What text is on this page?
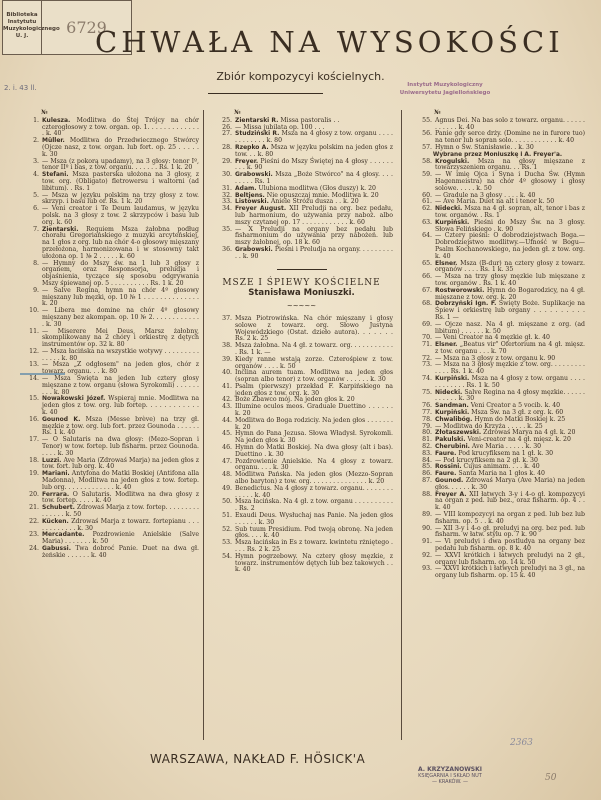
Biblioteka Instytutu Muzykologicznego U. J.	6729
2. i. 43 ll.
CHWAŁA NA WYSOKOŚCI
Zbiór kompozycyi kościelnych.
Instytut Muzykologiczny
Uniwersytetu Jagiellońskiego
№
1. Kulesza. Modlitwa do Śtej Trójcy na chór czterogłosowy z tow. organ. op. 1. . . . . . . . . . . . . . k. 40
2. Müller. Modlitwa do Przedwiecznego Stwórcy (Ojcze nasz, z tow. organ. lub fort. op. 25 . . . . . k. 30
3. — Msza (z pokorą upadamy), na 3 głosy: tenor Iº, tenor IIº i bas, z tow. organu. . . . . . . Rs. 1 k. 20
4. Stefani. Msza pasterska ułożona na 3 głosy, z tow. org. (Obligato) fletrowersu i waltorni (ad libitum). . Rs. 1
5. — Msza w języku polskim na trzy głosy z tow. skrzyp. i basu lub or. Rs. 1 k. 20
6. — Veni creator i Te Deum laudamus, w języku polsk. na 3 głosy z tow. 2 skrzypców i basu lub org. k. 60
7. Zientarski. Requiem Msza żałobna podług chorału Gregoriańskiego z muzyki arcyteńskiej, na 1 głos z org. lub na chór 4-o głosowy mięszany przełożona, harmonizowana i w stosowny takt ułożona op. 1 № 2 . . . . . k. 60
8. — Hymny do Mszy św. na 1 lub 3 głosy z organem, oraz Responsorja, preludja i objaśnienia, tyczące się sposobu odgrywania Mszy śpiewanej op. 5 . . . . . . . . . . Rs. 1 k. 20
9. — Salve Regina, hymn na chór 4º głosowy mięszany lub męzki, op. 10 № 1 . . . . . . . . . . . . . . k. 20
10. — Libera me domine na chór 4º głosowy mięszany bez akompan. op. 10 № 2. . . . . . . . . . . . . k. 30
11. — Miserere Mei Deus, Marsz żałobny, skomplikowany na 2 chóry i orkiestrę z dętych instrumentów op. 32 k. 80
12. — Msza łacińska na wszystkie wotywy . . . . . . . . . . . . . . k. 80
13. — Msza „Z odgłosem" na jeden głos, chór z towarz. organu. . . k. 80
14. — Msza Święta na jeden lub cztery głosy mięszane z tow. organu (słowa Syrokomli) . . . . . . . . . k. 80
15. Nowakowski Józef. Wspieraj mnie. Modlitwa na jeden głos z tow. org. lub fortep. . . . . . . . . . . . k. 40
16. Gounod K. Msza (Messe brève) na trzy gł. męzkie z tow. org. lub fort. przez Gounoda . . . . . . Rs. 1 k. 40
17. — O Salutaris na dwa głosy: (Mezo-Sopran i Tenor) w tow. fortep. lub fisharm. przez Gounoda. . . . . k. 30
18. Luzzi. Ave Maria (Zdrowaś Marja) na jeden głos z tow. fort. lub org. k. 40
19. Mariani. Antyfona do Matki Boskiej (Antifona alla Madonna), Modlitwa na jeden głos z tow. fortep. lub org. . . . . . . . . . . . . k. 40
20. Ferrara. O Salutaris. Modlitwa na dwa głosy z tow. fortep. . . . . k. 40
21. Schubert. Zdrowaś Marja z tow. fortep. . . . . . . . . . . . . . . k. 50
22. Kücken. Zdrowaś Marja z towarz. fortepianu . . . . . . . . . . . . k. 30
23. Mercadante. Pozdrowienie Anielskie (Salve Maria) . . . . . . . k. 50
24. Gabussi. Twa dobroć Panie. Duet na dwa gł. żeńskie . . . . . . k. 40
№
25. Zientarski R. Missa pastoralis . .
26. — Missa jubilata op. 100 . . .
27. Studziński R. Msza na 4 głosy z tow. organu . . . . . . . . . . . . k. 80
28. Rzepko A. Msza w języku polskim na jeden głos z tow. . . k. 80
29. Freyer. Pieśni do Mszy Świętej na 4 głosy . . . . . . . . . k. 90
30. Grabowski. Msza „Boże Stwórco" na 4 głosy. . . . . . . . . Rs. 1
31. Adam. Ulubiona modlitwa (Głos duszy) k. 20
32. Beltjens. Nie opuszczaj mnie. Modlitwa k. 20
33. Listowski. Aniele Stróżu dusza . . k. 20
34. Freyer August. XII Preludji na org. bez pedału, lub harmonium, do używania przy naboż. albo mszy czytanej op. 17 . . . . . . . . . . . . k. 60
35. — X Preludji na organy bez pedału lub fisharmonium do używania przy nabożeń. lub mszy żałobnej, op. 18 k. 60
36. Grabowski. Pieśni i Preludja na organy. . . . . . . . . . . k. 90
MSZE I ŚPIEWY KOŚCIELNE
Stanisława Moniuszki.
~~~~~
37. Msza Piotrowińska. Na chór mięszany i głosy solowe z towarz. org. Słowo Justyna Wojewódzkiego (Ostat. dzieło autora). . . . . . . Rs. 2 k. 25
38. Msza żałobna. Na 4 gł. z towarz. org. . . . . . . . . . . . Rs. 1 k. —
39. Kiedy ranne wstają zorze. Czterośpiew z tow. organów . . . . k. 50
40. Inclina aurem tuam. Modlitwa na jeden głos (sopran albo tenor) z tow. organów . . . . . . k. 30
41. Psalm (pierwszy) przekład F. Karpińskiego na jeden głos z tow. org. k. 30
42. Boże Zbawco mój. Na jeden głos k. 20
43. Illumine oculos meos. Graduale Duettino . . . . . . k. 20
44. Modlitwa do Boga rodziciy. Na jeden głos . . . . . . . k. 20
45. Hymn do Pana Jezusa. Słowa Władysł. Syrokomli. Na jeden głos k. 30
46. Hymn do Matki Boskiej. Na dwa głosy (alt i bas). Duettino . k. 30
47. Pozdrowienie Anielskie. Na 4 głosy z towarz. organu. . . . k. 30
48. Modlitwa Pańska. Na jeden głos (Mezzo-Sopran albo baryton) z tow. org. . . . . . . . . . . . . . . k. 20
49. Benedictus. Na 4 głosy z towarz. organu. . . . . . . . . . . . . k. 40
50. Msza łacińska. Na 4 gł. z tow. organu . . . . . . . . . . . Rs. 2
51. Exaudi Deus. Wysłuchaj nas Panie. Na jeden głos . . . . . . k. 30
52. Sub tuum Presidium. Pod twoją obronę. Na jeden głos. . . . k. 40
53. Msza łacińska in Es z towarz. kwintetu rżniętego . . . . Rs. 2 k. 25
54. Hymn pogrzebowy. Na cztery głosy męzkie, z towarz. instrumentów dętych lub bez takowych . . k. 40
№
55. Agnus Dei. Na bas solo z towarz. organu. . . . . . . . . . . . k. 40
56. Panie gdy serce drży. (Domine ne in furore tuo) na tenor lub sopran solo. . . . . . . . . . . . k. 40
57. Hymn o Św. Stanisławie. . k. 30
Wybrane przez Moniuszkę i A. Freyer'a.
58. Krogulski. Msza na głosy mięszane z towarzyszeniem organu. . . Rs. 1
59. — W imię Ojca i Syna i Ducha Św. (Hymn Hagenmeistra) na chór 4º głosowy i głosy solowe. . . . . k. 50
60. — Gradule na 3 głosy . . . . k. 40
61. — Ave Maria. Duet na alt i tenor k. 50
62. Nidecki. Msza na 4 gł. sopran, alt, tenor i bas z tow. organów. . Rs. 1
63. Kurpiński. Pieśni do Mszy Św. na 3 głosy. Słowa Felińskiego . k. 90
64. — Cztery pieśni: O dobrodziejstwach Boga.—Dobrodziejstwo modlitwy.—Ufność w Bogu—Psalm Kochanowskiego, na jeden gł. z tow. org. k. 40
65. Elsner. Msza (B-dur) na cztery głosy z towarz. organów . . . . Rs. 1 k. 35
66. — Msza na trzy głosy męzkie lub mięszane z tow. organów . Rs. 1 k. 40
67. Rostworowski. Hymn do Bogarodzicy, na 4 gł. mięszane z tow. org. k. 20
68. Dobrzyński Ign. F. Święty Boże. Suplikacje na Śpiew i orkiestrę lub organy . . . . . . . . . . Rs. 1 —
69. — Ojcze nasz. Na 4 gł. mięszane z org. (ad libitum) . . . . . . k. 50
70. — Veni Creator na 4 męzkie gł. k. 40
71. Elsner. „Beatus vir" Ofertorium na 4 gł. mięsz. z tow. organu . . . k. 70
72. — Msza na 3 głosy z tow. organu k. 90
73. — Msza na 3 głosy męzkie z tow. org. . . . . . . . . . . . . Rs. 1 k. 40
74. Kurpiński. Msza na 4 głosy z tow. organu . . . . . . . . . . . . Rs. 1 k. 50
75. Nidecki. Salve Regina na 4 głosy męzkie. . . . . . . . . . . . k. 30
76. Sandman. Veni Creator a 5 vocib. k. 40
77. Kurpiński. Msza Św. na 3 gł. z org. k. 60
78. Chwalibóg. Hymn do Matki Boskiej k. 25
79. — Modlitwa do Krzyża . . . . . k. 25
80. Złotaszewski. Zdrowaś Marya na 4 gł. k. 20
81. Pakulski. Veni-creator na 4 gł. mięsz. k. 20
82. Cherubini. Ave Maria . . . . . k. 30
83. Faure. Pod krucyfiksem na 1 gł. k. 30
84. — Pod krucyfiksem na 2 gł. k. 30
85. Rossini. Cujus animam. . . . k. 40
86. Faure. Santa Maria na 1 głos k. 40
87. Gounod. Zdrowaś Marya (Ave Maria) na jeden głos. . . . . . k. 30
88. Freyer A. XII łatwych 3-y i 4-o gł. kompozycyi na organ z ped. lub bez., oraz fisharm. op. 4 . . k. 40
89. — VIII kompozycyi na organ z ped. lub bez lub fisharm. op. 5 . . k. 40
90. — XII 3-y i 4-o gł. preludyi na org. bez ped. lub fisharm. w łatw. stylu op. 7 k. 90
91. — Vi preludyi i dwa postludya na organy bez pedału lub fisharm. op. 8 k. 40
92. — XXVI krótkich i łatwych preludyi na 2 gł., organy lub fisharm. op. 14 k. 50
93. — XXVI krótkich i łatwych preludyi na 3 gł., na organy lub fisharm. op. 15 k. 40
WARSZAWA, NAKŁAD F. HÖSICK'A
2363
A. KRZYZANOWSKI
KSIĘGARNIA I SKŁAD NUT
— KRAKÓW. —	50
